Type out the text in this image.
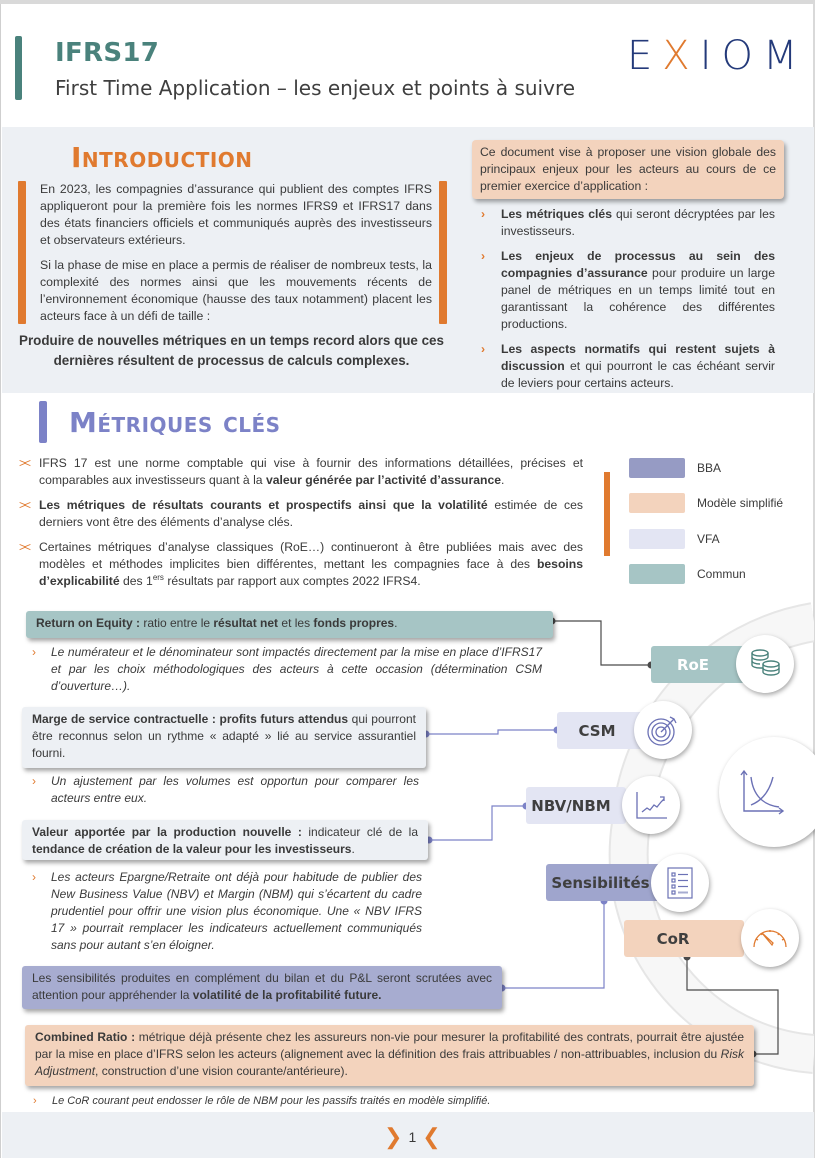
IFRS17
First Time Application – les enjeux et points à suivre
E X IOM
Introduction

En 2023, les compagnies d’assurance qui publient des comptes IFRS appliqueront pour la première fois les normes IFRS9 et IFRS17 dans des états financiers officiels et communiqués auprès des investisseurs et observateurs extérieurs.

Si la phase de mise en place a permis de réaliser de nombreux tests, la complexité des normes ainsi que les mouvements récents de l’environnement économique (hausse des taux notamment) placent les acteurs face à un défi de taille :

Produire de nouvelles métriques en un temps record alors que ces dernières résultent de processus de calculs complexes.
Ce document vise à proposer une vision globale des principaux enjeux pour les acteurs au cours de ce premier exercice d’application :
› Les métriques clés qui seront décryptées par les investisseurs.
› Les enjeux de processus au sein des compagnies d’assurance pour produire un large panel de métriques en un temps limité tout en garantissant la cohérence des différentes productions.
› Les aspects normatifs qui restent sujets à discussion et qui pourront le cas échéant servir de leviers pour certains acteurs.
Métriques clés
>< IFRS 17 est une norme comptable qui vise à fournir des informations détaillées, précises et comparables aux investisseurs quant à la valeur générée par l’activité d’assurance.
>< Les métriques de résultats courants et prospectifs ainsi que la volatilité estimée de ces derniers vont être des éléments d’analyse clés.
>< Certaines métriques d’analyse classiques (RoE…) continueront à être publiées mais avec des modèles et méthodes implicites bien différentes, mettant les compagnies face à des besoins d’explicabilité des 1ers résultats par rapport aux comptes 2022 IFRS4.
BBA
Modèle simplifié
VFA
Commun
Return on Equity : ratio entre le résultat net et les fonds propres.
› Le numérateur et le dénominateur sont impactés directement par la mise en place d’IFRS17 et par les choix méthodologiques des acteurs à cette occasion (détermination CSM d’ouverture…).
Marge de service contractuelle : profits futurs attendus qui pourront être reconnus selon un rythme « adapté » lié au service assurantiel fourni.
› Un ajustement par les volumes est opportun pour comparer les acteurs entre eux.
Valeur apportée par la production nouvelle : indicateur clé de la tendance de création de la valeur pour les investisseurs.
› Les acteurs Epargne/Retraite ont déjà pour habitude de publier des New Business Value (NBV) et Margin (NBM) qui s’écartent du cadre prudentiel pour offrir une vision plus économique. Une « NBV IFRS 17 » pourrait remplacer les indicateurs actuellement communiqués sans pour autant s’en éloigner.
Les sensibilités produites en complément du bilan et du P&L seront scrutées avec attention pour appréhender la volatilité de la profitabilité future.
Combined Ratio : métrique déjà présente chez les assureurs non-vie pour mesurer la profitabilité des contrats, pourrait être ajustée par la mise en place d’IFRS selon les acteurs (alignement avec la définition des frais attribuables / non-attribuables, inclusion du Risk Adjustment, construction d’une vision courante/antérieure).
› Le CoR courant peut endosser le rôle de NBM pour les passifs traités en modèle simplifié.
RoE
CSM
NBV/NBM
Sensibilités
CoR
❯ 1 ❮
